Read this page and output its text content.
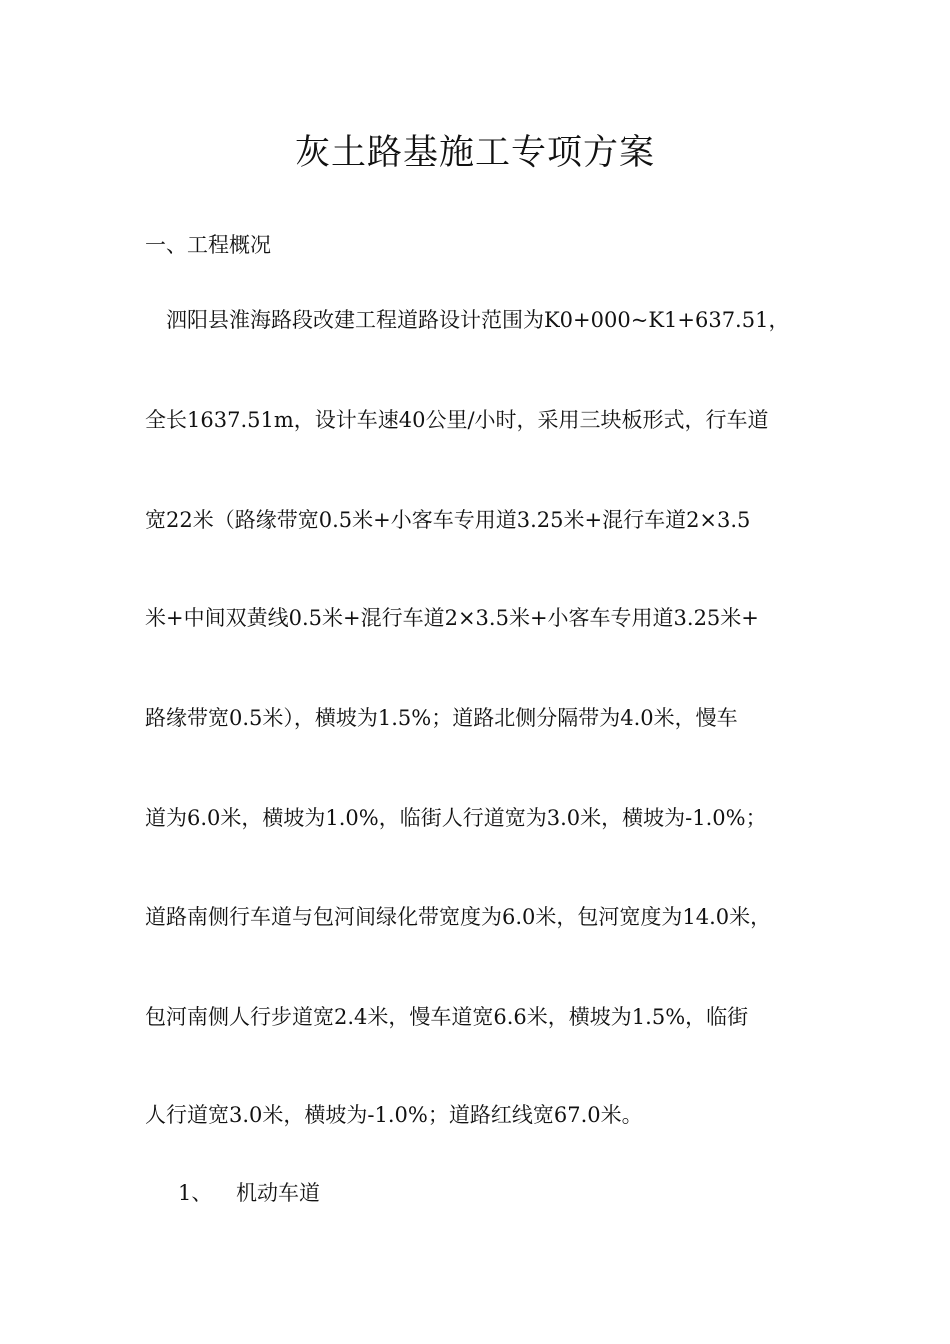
灰土路基施工专项方案
一、工程概况
　泗阳县淮海路段改建工程道路设计范围为K0+000~K1+637.51，
全长1637.51m，设计车速40公里/小时，采用三块板形式，行车道
宽22米（路缘带宽0.5米+小客车专用道3.25米+混行车道2×3.5
米+中间双黄线0.5米+混行车道2×3.5米+小客车专用道3.25米+
路缘带宽0.5米），横坡为1.5%；道路北侧分隔带为4.0米，慢车
道为6.0米，横坡为1.0%，临街人行道宽为3.0米，横坡为-1.0%；
道路南侧行车道与包河间绿化带宽度为6.0米，包河宽度为14.0米，
包河南侧人行步道宽2.4米，慢车道宽6.6米，横坡为1.5%，临街
人行道宽3.0米，横坡为-1.0%；道路红线宽67.0米。
1、 机动车道
